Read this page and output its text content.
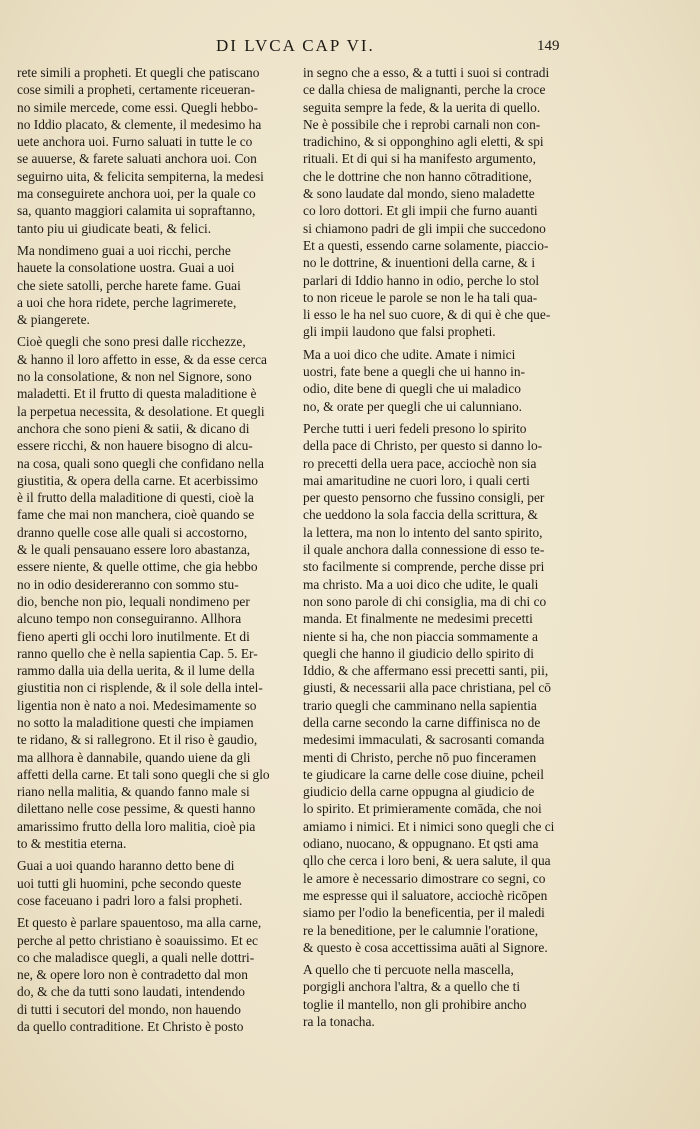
DI LVCA CAP VI.	149
rete simili a propheti. Et quegli che patiscano
cose simili a propheti, certamente riceueran-
no simile mercede, come essi. Quegli hebbo-
no Iddio placato, & clemente, il medesimo ha
uete anchora uoi. Furno saluati in tutte le co
se auuerse, & farete saluati anchora uoi. Con
seguirno uita, & felicita sempiterna, la medesi
ma conseguirete anchora uoi, per la quale co
sa, quanto maggiori calamita ui sopraftanno,
tanto piu ui giudicate beati, & felici.
Ma nondimeno guai a uoi ricchi, perche
hauete la consolatione uostra. Guai a uoi
che siete satolli, perche harete fame. Guai
a uoi che hora ridete, perche lagrimerete,
& piangerete.
Cioè quegli che sono presi dalle ricchezze,
& hanno il loro affetto in esse, & da esse cerca
no la consolatione, & non nel Signore, sono
maladetti. Et il frutto di questa maladitione è
la perpetua necessita, & desolatione. Et quegli
anchora che sono pieni & satii, & dicano di
essere ricchi, & non hauere bisogno di alcu-
na cosa, quali sono quegli che confidano nella
giustitia, & opera della carne. Et acerbissimo
è il frutto della maladitione di questi, cioè la
fame che mai non manchera, cioè quando se
dranno quelle cose alle quali si accostorno,
& le quali pensauano essere loro abastanza,
essere niente, & quelle ottime, che gia hebbo
no in odio desidereranno con sommo stu-
dio, benche non pio, lequali nondimeno per
alcuno tempo non conseguiranno. Allhora
fieno aperti gli occhi loro inutilmente. Et di
ranno quello che è nella sapientia Cap. 5. Er-
rammo dalla uia della uerita, & il lume della
giustitia non ci risplende, & il sole della intel-
ligentia non è nato a noi. Medesimamente so
no sotto la maladitione questi che impiamen
te ridano, & si rallegrono. Et il riso è gaudio,
ma allhora è dannabile, quando uiene da gli
affetti della carne. Et tali sono quegli che si glo
riano nella malitia, & quando fanno male si
dilettano nelle cose pessime, & questi hanno
amarissimo frutto della loro malitia, cioè pia
to & mestitia eterna.
Guai a uoi quando haranno detto bene di
uoi tutti gli huomini, pche secondo queste
cose faceuano i padri loro a falsi propheti.
Et questo è parlare spauentoso, ma alla carne,
perche al petto christiano è soauissimo. Et ec
co che maladisce quegli, a quali nelle dottri-
ne, & opere loro non è contradetto dal mon
do, & che da tutti sono laudati, intendendo
di tutti i secutori del mondo, non hauendo
da quello contraditione. Et Christo è posto
in segno che a esso, & a tutti i suoi si contradi
ce dalla chiesa de malignanti, perche la croce
seguita sempre la fede, & la uerita di quello.
Ne è possibile che i reprobi carnali non con-
tradichino, & si opponghino agli eletti, & spi
rituali. Et di qui si ha manifesto argumento,
che le dottrine che non hanno cōtraditione,
& sono laudate dal mondo, sieno maladette
co loro dottori. Et gli impii che furno auanti
si chiamono padri de gli impii che succedono
Et a questi, essendo carne solamente, piaccio-
no le dottrine, & inuentioni della carne, & i
parlari di Iddio hanno in odio, perche lo stol
to non riceue le parole se non le ha tali qua-
li esso le ha nel suo cuore, & di qui è che que-
gli impii laudono que falsi propheti.
Ma a uoi dico che udite. Amate i nimici
uostri, fate bene a quegli che ui hanno in-
odio, dite bene di quegli che ui maladico
no, & orate per quegli che ui calunniano.
Perche tutti i ueri fedeli presono lo spirito
della pace di Christo, per questo si danno lo-
ro precetti della uera pace, acciochè non sia
mai amaritudine ne cuori loro, i quali certi
per questo pensorno che fussino consigli, per
che ueddono la sola faccia della scrittura, &
la lettera, ma non lo intento del santo spirito,
il quale anchora dalla connessione di esso te-
sto facilmente si comprende, perche disse pri
ma christo. Ma a uoi dico che udite, le quali
non sono parole di chi consiglia, ma di chi co
manda. Et finalmente ne medesimi precetti
niente si ha, che non piaccia sommamente a
quegli che hanno il giudicio dello spirito di
Iddio, & che affermano essi precetti santi, pii,
giusti, & necessarii alla pace christiana, pel cō
trario quegli che camminano nella sapientia
della carne secondo la carne diffinisca no de
medesimi immaculati, & sacrosanti comanda
menti di Christo, perche nō puo finceramen
te giudicare la carne delle cose diuine, pcheil
giudicio della carne oppugna al giudicio de
lo spirito. Et primieramente comāda, che noi
amiamo i nimici. Et i nimici sono quegli che ci
odiano, nuocano, & oppugnano. Et qsti ama
qllo che cerca i loro beni, & uera salute, il qua
le amore è necessario dimostrare co segni, co
me espresse qui il saluatore, acciochè ricōpen
siamo per l'odio la beneficentia, per il maledi
re la beneditione, per le calumnie l'oratione,
& questo è cosa accettissima auāti al Signore.
A quello che ti percuote nella mascella,
porgigli anchora l'altra, & a quello che ti
toglie il mantello, non gli prohibire ancho
ra la tonacha.
